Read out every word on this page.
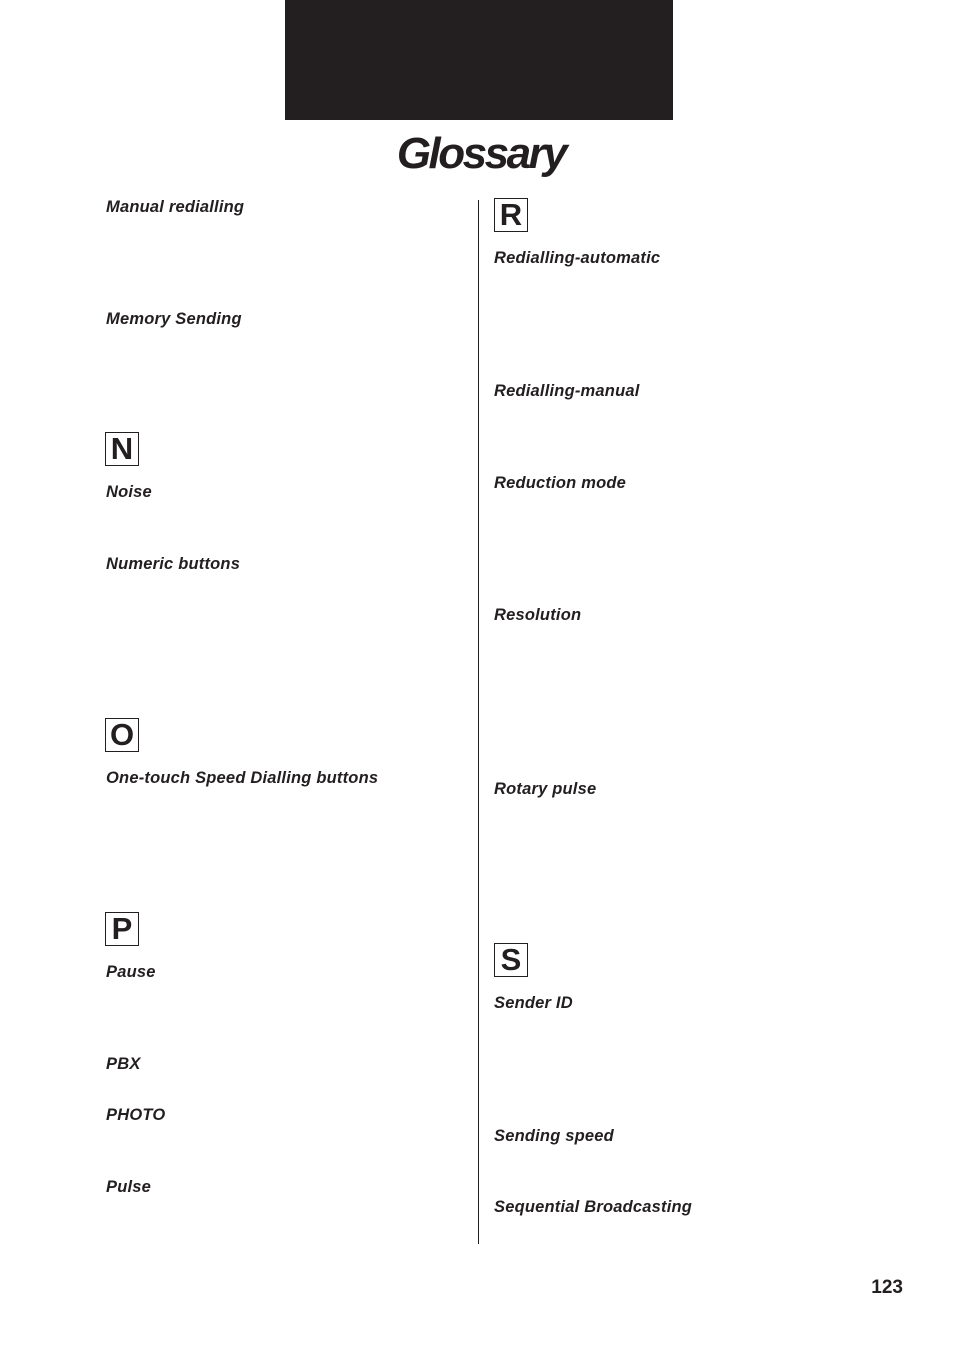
Glossary
Manual redialling
Memory Sending
N
Noise
Numeric buttons
O
One-touch Speed Dialling buttons
P
Pause
PBX
PHOTO
Pulse
R
Redialling-automatic
Redialling-manual
Reduction mode
Resolution
Rotary pulse
S
Sender ID
Sending speed
Sequential Broadcasting
123
